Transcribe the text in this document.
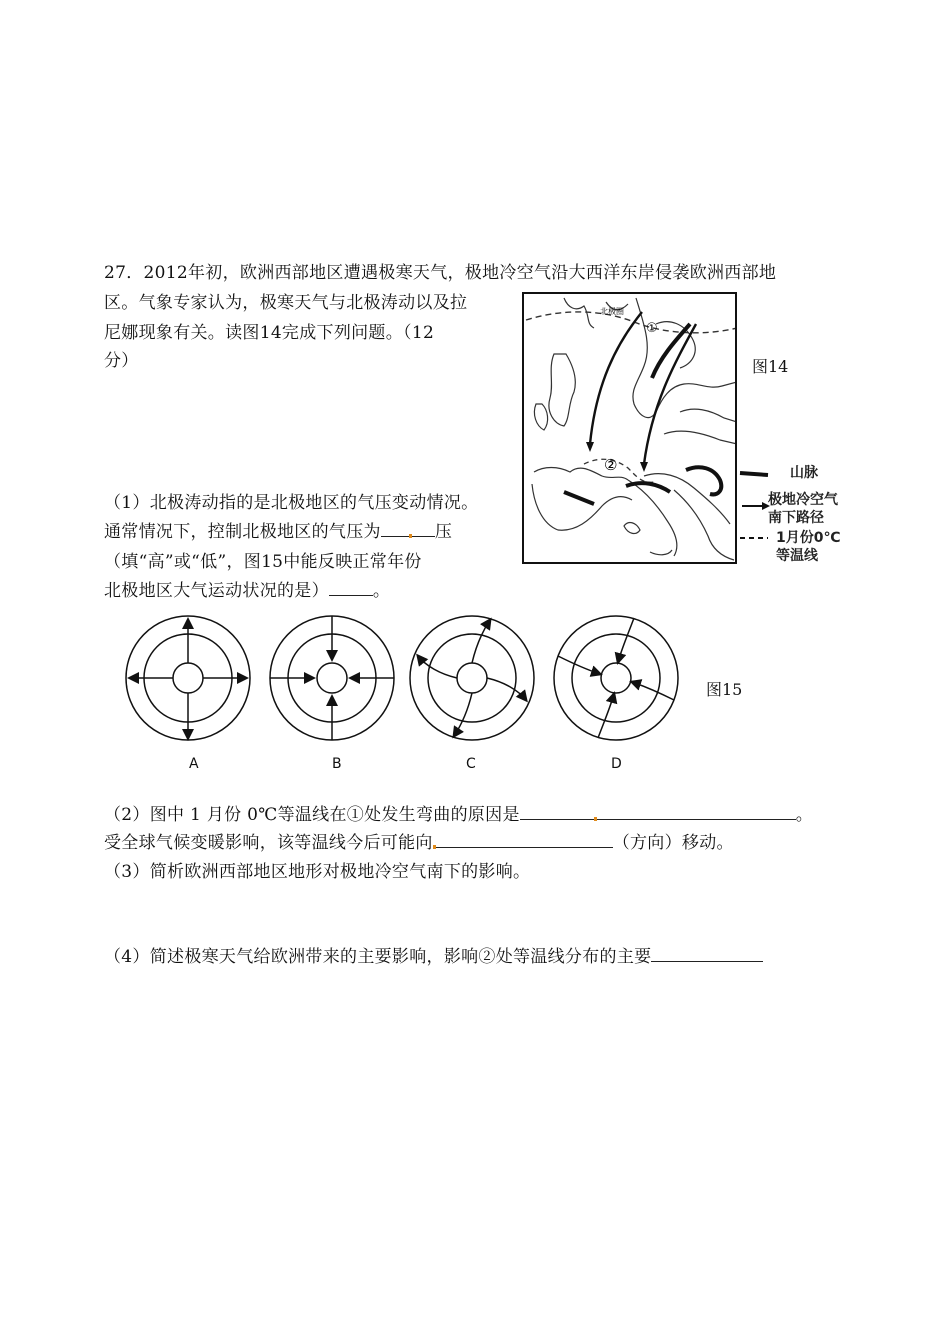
27．2012年初，欧洲西部地区遭遇极寒天气，极地冷空气沿大西洋东岸侵袭欧洲西部地
区。气象专家认为，极寒天气与北极涛动以及拉
尼娜现象有关。读图14完成下列问题。（12
分）
北极圈
①
②
图14
山脉
极地冷空气
南下路径
1月份0℃
等温线
（1）北极涛动指的是北极地区的气压变动情况。
通常情况下，控制北极地区的气压为	压
（填“高”或“低”，图15中能反映正常年份
北极地区大气运动状况的是）	。
A	B	C	D
图15
（2）图中 1 月份 0℃等温线在①处发生弯曲的原因是	。
受全球气候变暖影响，该等温线今后可能向	（方向）移动。
（3）简析欧洲西部地区地形对极地冷空气南下的影响。
（4）简述极寒天气给欧洲带来的主要影响，影响②处等温线分布的主要
